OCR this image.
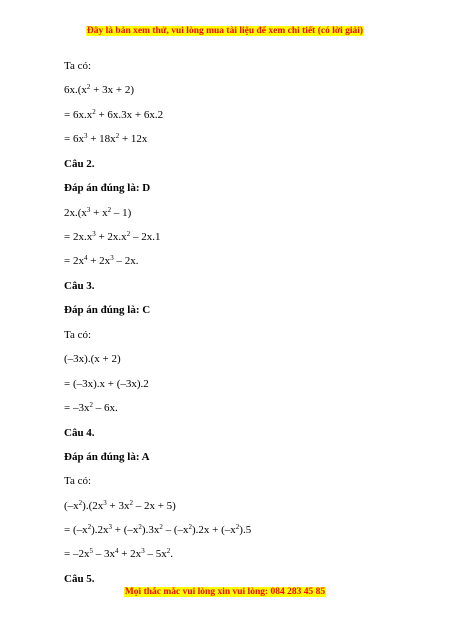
Đây là bản xem thử, vui lòng mua tài liệu để xem chi tiết (có lời giải)
Ta có:
$6x.(x^2 + 3x + 2)$
= $6x.x^2 + 6x.3x + 6x.2$
= $6x^3 + 18x^2 + 12x$
Câu 2.
Đáp án đúng là: D
$2x.(x^3 + x^2 - 1)$
= $2x.x^3 + 2x.x^2 - 2x.1$
= $2x^4 + 2x^3 - 2x$.
Câu 3.
Đáp án đúng là: C
Ta có:
(–3x).(x + 2)
= (–3x).x + (–3x).2
= $-3x^2 - 6x$.
Câu 4.
Đáp án đúng là: A
Ta có:
$(-x^2).(2x^3 + 3x^2 - 2x + 5)$
= $(-x^2).2x^3 + (-x^2).3x^2 - (-x^2).2x + (-x^2).5$
= $-2x^5 - 3x^4 + 2x^3 - 5x^2$.
Câu 5.
Mọi thắc mắc vui lòng xin vui lòng: 084 283 45 85
